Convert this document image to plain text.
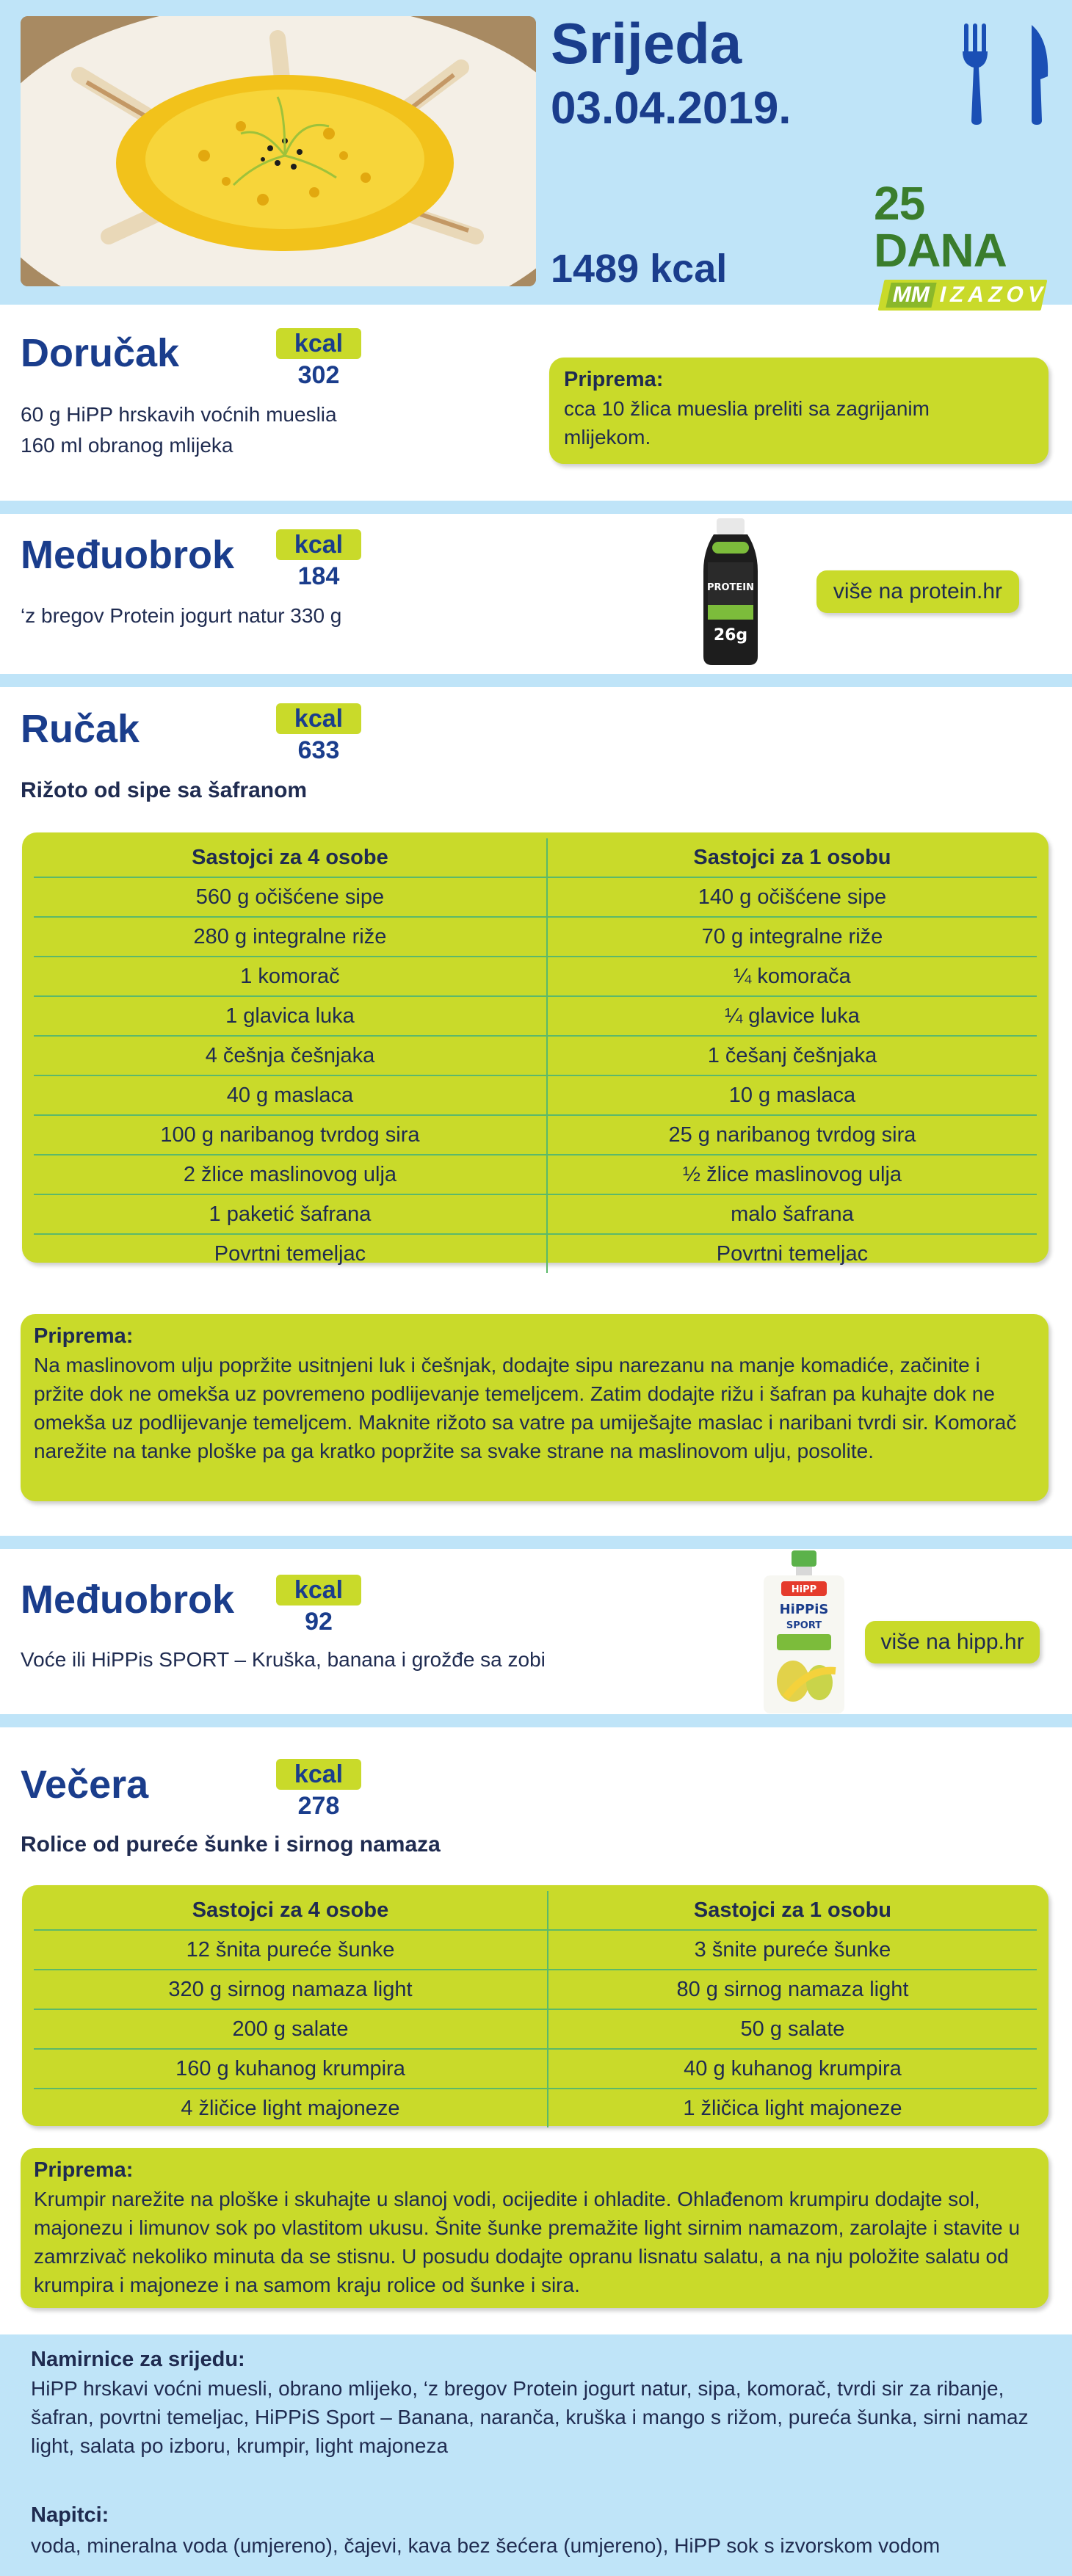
Srijeda
03.04.2019.
1489 kcal
25 DANA
MM IZAZOV
Doručak	kcal
302
60 g HiPP hrskavih voćnih mueslia
160 ml obranog mlijeka
Priprema:
cca 10 žlica mueslia preliti sa zagrijanim mlijekom.
Međuobrok	kcal
184
‘z bregov Protein jogurt natur 330 g
PROTEIN
26g
više na protein.hr
Ručak	kcal
633
Rižoto od sipe sa šafranom
Sastojci za 4 osobe	Sastojci za 1 osobu
560 g očišćene sipe	140 g očišćene sipe
280 g integralne riže	70 g integralne riže
1 komorač	¼ komorača
1 glavica luka	¼ glavice luka
4 češnja češnjaka	1 češanj češnjaka
40 g maslaca	10 g maslaca
100 g naribanog tvrdog sira	25 g naribanog tvrdog sira
2 žlice maslinovog ulja	½ žlice maslinovog ulja
1 paketić šafrana	malo šafrana
Povrtni temeljac	Povrtni temeljac
Priprema:
Na maslinovom ulju popržite usitnjeni luk i češnjak, dodajte sipu narezanu na manje komadiće, začinite i pržite dok ne omekša uz povremeno podlijevanje temeljcem. Zatim dodajte rižu i šafran pa kuhajte dok ne omekša uz podlijevanje temeljcem. Maknite rižoto sa vatre pa umiješajte maslac i naribani tvrdi sir. Komorač narežite na tanke ploške pa ga kratko popržite sa svake strane na maslinovom ulju, posolite.
Međuobrok	kcal
92
Voće ili HiPPis SPORT – Kruška, banana i grožđe sa zobi
HiPP
HiPPiS
SPORT
više na hipp.hr
Večera	kcal
278
Rolice od pureće šunke i sirnog namaza
Sastojci za 4 osobe	Sastojci za 1 osobu
12 šnita pureće šunke	3 šnite pureće šunke
320 g sirnog namaza light	80 g sirnog namaza light
200 g salate	50 g salate
160 g kuhanog krumpira	40 g kuhanog krumpira
4 žličice light majoneze	1 žličica light majoneze
Priprema:
Krumpir narežite na ploške i skuhajte u slanoj vodi, ocijedite i ohladite. Ohlađenom krumpiru dodajte sol, majonezu i limunov sok po vlastitom ukusu. Šnite šunke premažite light sirnim namazom, zarolajte i stavite u zamrzivač nekoliko minuta da se stisnu. U posudu dodajte opranu lisnatu salatu, a na nju položite salatu od krumpira i majoneze i na samom kraju rolice od šunke i sira.
Namirnice za srijedu:
HiPP hrskavi voćni muesli, obrano mlijeko, ‘z bregov Protein jogurt natur, sipa, komorač, tvrdi sir za ribanje, šafran, povrtni temeljac, HiPPiS Sport – Banana, naranča, kruška i mango s rižom, pureća šunka, sirni namaz light, salata po izboru, krumpir, light majoneza
Napitci:
voda, mineralna voda (umjereno), čajevi, kava bez šećera (umjereno), HiPP sok s izvorskom vodom
